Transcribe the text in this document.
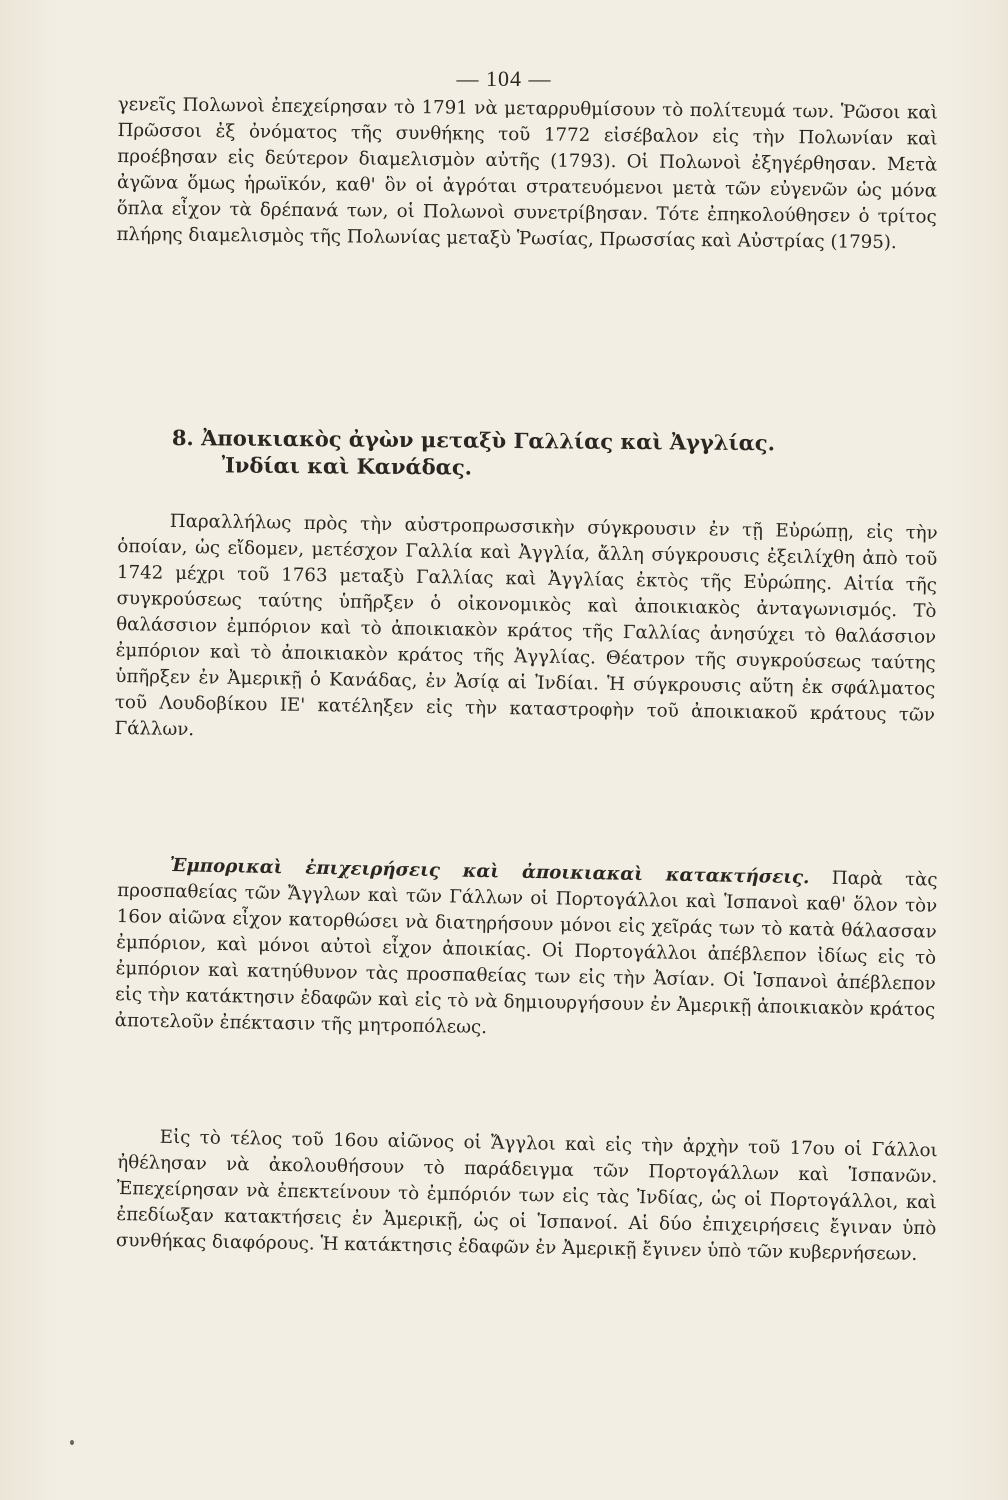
— 104 —

γενεῖς Πολωνοὶ ἐπεχείρησαν τὸ 1791 νὰ μεταρρυθμίσουν τὸ πολίτευμά των. Ῥῶσοι καὶ Πρῶσσοι ἐξ ὀνόματος τῆς συνθήκης τοῦ 1772 εἰσέβαλον εἰς τὴν Πολωνίαν καὶ προέβησαν εἰς δεύτερον διαμελισμὸν αὐτῆς (1793). Οἱ Πολωνοὶ ἐξηγέρθησαν. Μετὰ ἀγῶνα ὅμως ἡρωϊκόν, καθ' ὃν οἱ ἀγρόται στρατευόμενοι μετὰ τῶν εὐγενῶν ὡς μόνα ὅπλα εἶχον τὰ δρέπανά των, οἱ Πολωνοὶ συνετρίβησαν. Τότε ἐπηκολούθησεν ὁ τρίτος πλήρης διαμελισμὸς τῆς Πολωνίας μεταξὺ Ῥωσίας, Πρωσσίας καὶ Αὐστρίας (1795).

8. Ἀποικιακὸς ἀγὼν μεταξὺ Γαλλίας καὶ Ἀγγλίας.
Ἰνδίαι καὶ Κανάδας.

Παραλλήλως πρὸς τὴν αὐστροπρωσσικὴν σύγκρουσιν ἐν τῇ Εὐρώπῃ, εἰς τὴν ὁποίαν, ὡς εἴδομεν, μετέσχον Γαλλία καὶ Ἀγγλία, ἄλλη σύγκρουσις ἐξειλίχθη ἀπὸ τοῦ 1742 μέχρι τοῦ 1763 μεταξὺ Γαλλίας καὶ Ἀγγλίας ἐκτὸς τῆς Εὐρώπης. Αἰτία τῆς συγκρούσεως ταύτης ὑπῆρξεν ὁ οἰκονομικὸς καὶ ἀποικιακὸς ἀνταγωνισμός. Τὸ θαλάσσιον ἐμπόριον καὶ τὸ ἀποικιακὸν κράτος τῆς Γαλλίας ἀνησύχει τὸ θαλάσσιον ἐμπόριον καὶ τὸ ἀποικιακὸν κράτος τῆς Ἀγγλίας. Θέατρον τῆς συγκρούσεως ταύτης ὑπῆρξεν ἐν Ἀμερικῇ ὁ Κανάδας, ἐν Ἀσίᾳ αἱ Ἰνδίαι. Ἡ σύγκρουσις αὕτη ἐκ σφάλματος τοῦ Λουδοβίκου ΙΕ' κατέληξεν εἰς τὴν καταστροφὴν τοῦ ἀποικιακοῦ κράτους τῶν Γάλλων.

Ἐμπορικαὶ ἐπιχειρήσεις καὶ ἀποικιακαὶ κατακτήσεις. Παρὰ τὰς προσπαθείας τῶν Ἄγγλων καὶ τῶν Γάλλων οἱ Πορτογάλλοι καὶ Ἱσπανοὶ καθ' ὅλον τὸν 16ον αἰῶνα εἶχον κατορθώσει νὰ διατηρήσουν μόνοι εἰς χεῖράς των τὸ κατὰ θάλασσαν ἐμπόριον, καὶ μόνοι αὐτοὶ εἶχον ἀποικίας. Οἱ Πορτογάλλοι ἀπέβλεπον ἰδίως εἰς τὸ ἐμπόριον καὶ κατηύθυνον τὰς προσπαθείας των εἰς τὴν Ἀσίαν. Οἱ Ἱσπανοὶ ἀπέβλεπον εἰς τὴν κατάκτησιν ἐδαφῶν καὶ εἰς τὸ νὰ δημιουργήσουν ἐν Ἀμερικῇ ἀποικιακὸν κράτος ἀποτελοῦν ἐπέκτασιν τῆς μητροπόλεως.

Εἰς τὸ τέλος τοῦ 16ου αἰῶνος οἱ Ἄγγλοι καὶ εἰς τὴν ἀρχὴν τοῦ 17ου οἱ Γάλλοι ἠθέλησαν νὰ ἀκολουθήσουν τὸ παράδειγμα τῶν Πορτογάλλων καὶ Ἱσπανῶν. Ἐπεχείρησαν νὰ ἐπεκτείνουν τὸ ἐμπόριόν των εἰς τὰς Ἰνδίας, ὡς οἱ Πορτογάλλοι, καὶ ἐπεδίωξαν κατακτήσεις ἐν Ἀμερικῇ, ὡς οἱ Ἱσπανοί. Αἱ δύο ἐπιχειρήσεις ἔγιναν ὑπὸ συνθήκας διαφόρους. Ἡ κατάκτησις ἐδαφῶν ἐν Ἀμερικῇ ἔγινεν ὑπὸ τῶν κυβερνήσεων.
